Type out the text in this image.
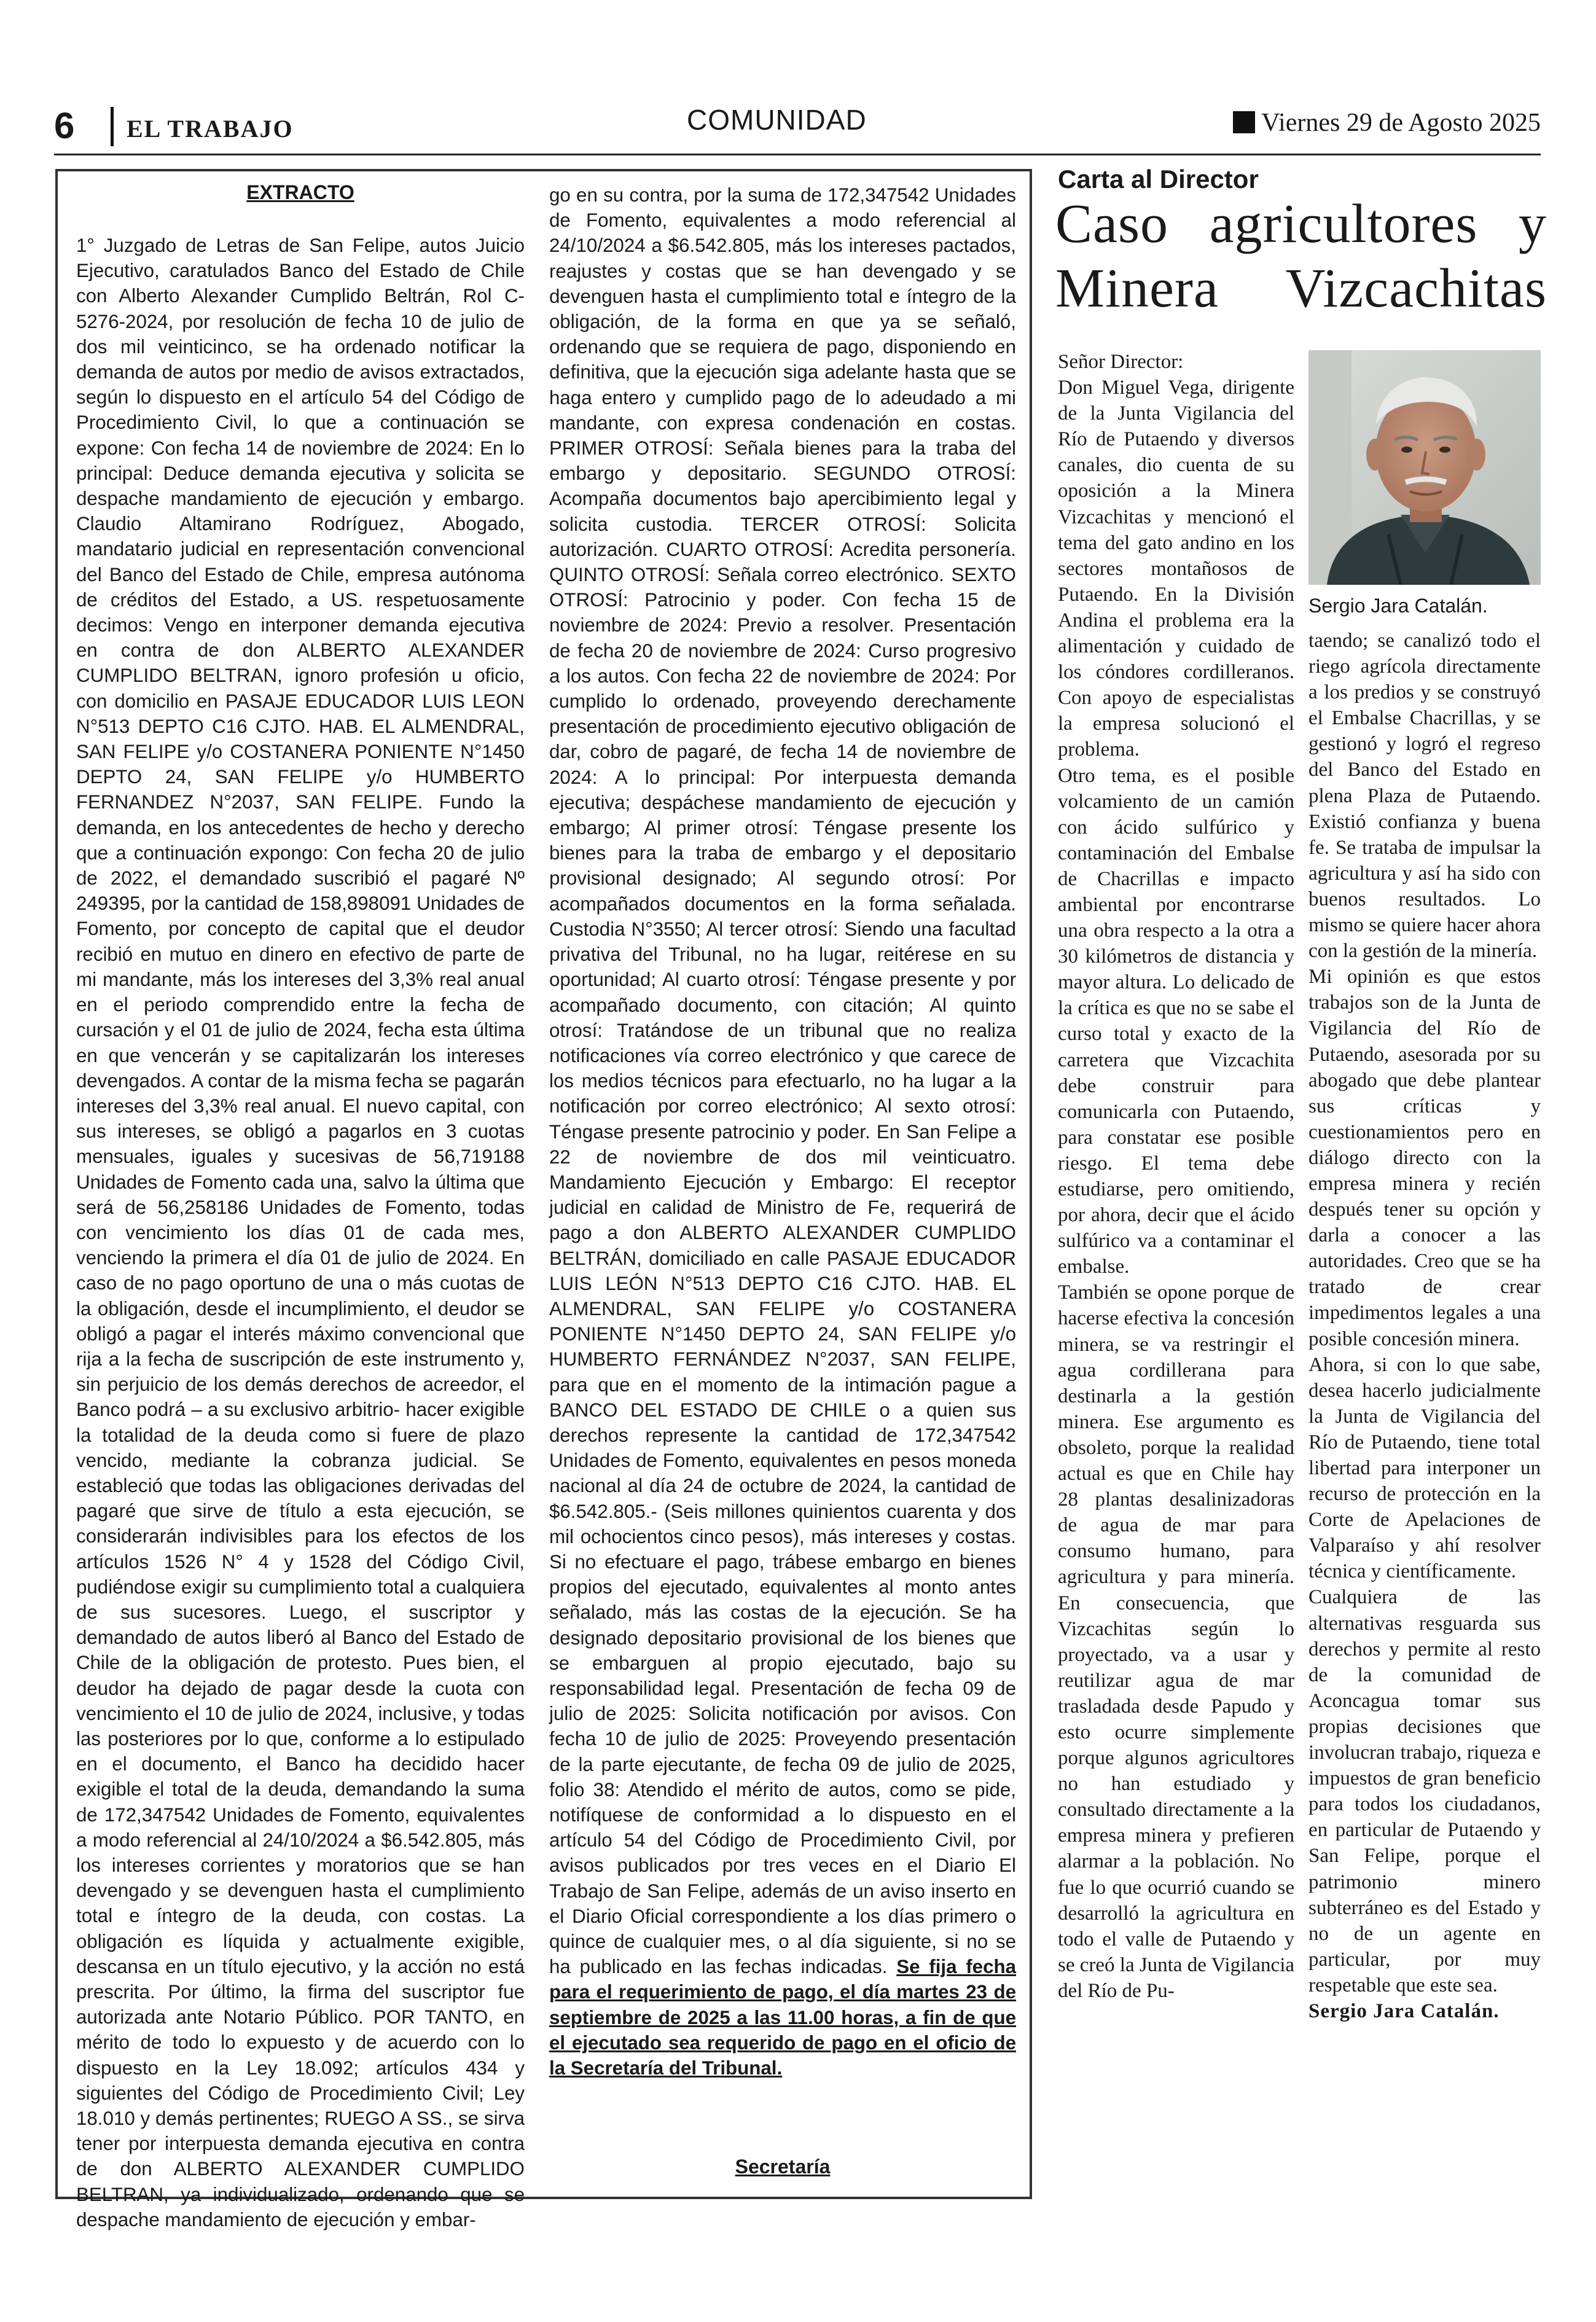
6 EL TRABAJO	COMUNIDAD	Viernes 29 de Agosto 2025
EXTRACTO
1° Juzgado de Letras de San Felipe, autos Juicio Ejecutivo, caratulados Banco del Estado de Chile con Alberto Alexander Cumplido Beltrán, Rol C-5276-2024, por resolución de fecha 10 de julio de dos mil veinticinco, se ha ordenado notificar la demanda de autos por medio de avisos extractados, según lo dispuesto en el artículo 54 del Código de Procedimiento Civil, lo que a continuación se expone: Con fecha 14 de noviembre de 2024: En lo principal: Deduce demanda ejecutiva y solicita se despache mandamiento de ejecución y embargo. Claudio Altamirano Rodríguez, Abogado, mandatario judicial en representación convencional del Banco del Estado de Chile, empresa autónoma de créditos del Estado, a US. respetuosamente decimos: Vengo en interponer demanda ejecutiva en contra de don ALBERTO ALEXANDER CUMPLIDO BELTRAN, ignoro profesión u oficio, con domicilio en PASAJE EDUCADOR LUIS LEON N°513 DEPTO C16 CJTO. HAB. EL ALMENDRAL, SAN FELIPE y/o COSTANERA PONIENTE N°1450 DEPTO 24, SAN FELIPE y/o HUMBERTO FERNANDEZ N°2037, SAN FELIPE. Fundo la demanda, en los antecedentes de hecho y derecho que a continuación expongo: Con fecha 20 de julio de 2022, el demandado suscribió el pagaré Nº 249395, por la cantidad de 158,898091 Unidades de Fomento, por concepto de capital que el deudor recibió en mutuo en dinero en efectivo de parte de mi mandante, más los intereses del 3,3% real anual en el periodo comprendido entre la fecha de cursación y el 01 de julio de 2024, fecha esta última en que vencerán y se capitalizarán los intereses devengados. A contar de la misma fecha se pagarán intereses del 3,3% real anual. El nuevo capital, con sus intereses, se obligó a pagarlos en 3 cuotas mensuales, iguales y sucesivas de 56,719188 Unidades de Fomento cada una, salvo la última que será de 56,258186 Unidades de Fomento, todas con vencimiento los días 01 de cada mes, venciendo la primera el día 01 de julio de 2024. En caso de no pago oportuno de una o más cuotas de la obligación, desde el incumplimiento, el deudor se obligó a pagar el interés máximo convencional que rija a la fecha de suscripción de este instrumento y, sin perjuicio de los demás derechos de acreedor, el Banco podrá – a su exclusivo arbitrio- hacer exigible la totalidad de la deuda como si fuere de plazo vencido, mediante la cobranza judicial. Se estableció que todas las obligaciones derivadas del pagaré que sirve de título a esta ejecución, se considerarán indivisibles para los efectos de los artículos 1526 N° 4 y 1528 del Código Civil, pudiéndose exigir su cumplimiento total a cualquiera de sus sucesores. Luego, el suscriptor y demandado de autos liberó al Banco del Estado de Chile de la obligación de protesto. Pues bien, el deudor ha dejado de pagar desde la cuota con vencimiento el 10 de julio de 2024, inclusive, y todas las posteriores por lo que, conforme a lo estipulado en el documento, el Banco ha decidido hacer exigible el total de la deuda, demandando la suma de 172,347542 Unidades de Fomento, equivalentes a modo referencial al 24/10/2024 a $6.542.805, más los intereses corrientes y moratorios que se han devengado y se devenguen hasta el cumplimiento total e íntegro de la deuda, con costas. La obligación es líquida y actualmente exigible, descansa en un título ejecutivo, y la acción no está prescrita. Por último, la firma del suscriptor fue autorizada ante Notario Público. POR TANTO, en mérito de todo lo expuesto y de acuerdo con lo dispuesto en la Ley 18.092; artículos 434 y siguientes del Código de Procedimiento Civil; Ley 18.010 y demás pertinentes; RUEGO A SS., se sirva tener por interpuesta demanda ejecutiva en contra de don ALBERTO ALEXANDER CUMPLIDO BELTRAN, ya individualizado, ordenando que se despache mandamiento de ejecución y embar-
go en su contra, por la suma de 172,347542 Unidades de Fomento, equivalentes a modo referencial al 24/10/2024 a $6.542.805, más los intereses pactados, reajustes y costas que se han devengado y se devenguen hasta el cumplimiento total e íntegro de la obligación, de la forma en que ya se señaló, ordenando que se requiera de pago, disponiendo en definitiva, que la ejecución siga adelante hasta que se haga entero y cumplido pago de lo adeudado a mi mandante, con expresa condenación en costas. PRIMER OTROSÍ: Señala bienes para la traba del embargo y depositario. SEGUNDO OTROSÍ: Acompaña documentos bajo apercibimiento legal y solicita custodia. TERCER OTROSÍ: Solicita autorización. CUARTO OTROSÍ: Acredita personería. QUINTO OTROSÍ: Señala correo electrónico. SEXTO OTROSÍ: Patrocinio y poder. Con fecha 15 de noviembre de 2024: Previo a resolver. Presentación de fecha 20 de noviembre de 2024: Curso progresivo a los autos. Con fecha 22 de noviembre de 2024: Por cumplido lo ordenado, proveyendo derechamente presentación de procedimiento ejecutivo obligación de dar, cobro de pagaré, de fecha 14 de noviembre de 2024: A lo principal: Por interpuesta demanda ejecutiva; despáchese mandamiento de ejecución y embargo; Al primer otrosí: Téngase presente los bienes para la traba de embargo y el depositario provisional designado; Al segundo otrosí: Por acompañados documentos en la forma señalada. Custodia N°3550; Al tercer otrosí: Siendo una facultad privativa del Tribunal, no ha lugar, reitérese en su oportunidad; Al cuarto otrosí: Téngase presente y por acompañado documento, con citación; Al quinto otrosí: Tratándose de un tribunal que no realiza notificaciones vía correo electrónico y que carece de los medios técnicos para efectuarlo, no ha lugar a la notificación por correo electrónico; Al sexto otrosí: Téngase presente patrocinio y poder. En San Felipe a 22 de noviembre de dos mil veinticuatro. Mandamiento Ejecución y Embargo: El receptor judicial en calidad de Ministro de Fe, requerirá de pago a don ALBERTO ALEXANDER CUMPLIDO BELTRÁN, domiciliado en calle PASAJE EDUCADOR LUIS LEÓN N°513 DEPTO C16 CJTO. HAB. EL ALMENDRAL, SAN FELIPE y/o COSTANERA PONIENTE N°1450 DEPTO 24, SAN FELIPE y/o HUMBERTO FERNÁNDEZ N°2037, SAN FELIPE, para que en el momento de la intimación pague a BANCO DEL ESTADO DE CHILE o a quien sus derechos represente la cantidad de 172,347542 Unidades de Fomento, equivalentes en pesos moneda nacional al día 24 de octubre de 2024, la cantidad de $6.542.805.- (Seis millones quinientos cuarenta y dos mil ochocientos cinco pesos), más intereses y costas. Si no efectuare el pago, trábese embargo en bienes propios del ejecutado, equivalentes al monto antes señalado, más las costas de la ejecución. Se ha designado depositario provisional de los bienes que se embarguen al propio ejecutado, bajo su responsabilidad legal. Presentación de fecha 09 de julio de 2025: Solicita notificación por avisos. Con fecha 10 de julio de 2025: Proveyendo presentación de la parte ejecutante, de fecha 09 de julio de 2025, folio 38: Atendido el mérito de autos, como se pide, notifíquese de conformidad a lo dispuesto en el artículo 54 del Código de Procedimiento Civil, por avisos publicados por tres veces en el Diario El Trabajo de San Felipe, además de un aviso inserto en el Diario Oficial correspondiente a los días primero o quince de cualquier mes, o al día siguiente, si no se ha publicado en las fechas indicadas. Se fija fecha para el requerimiento de pago, el día martes 23 de septiembre de 2025 a las 11.00 horas, a fin de que el ejecutado sea requerido de pago en el oficio de la Secretaría del Tribunal.
Secretaría
Carta al Director
Caso agricultores y Minera Vizcachitas
Señor Director:
Don Miguel Vega, dirigente de la Junta Vigilancia del Río de Putaendo y diversos canales, dio cuenta de su oposición a la Minera Vizcachitas y mencionó el tema del gato andino en los sectores montañosos de Putaendo. En la División Andina el problema era la alimentación y cuidado de los cóndores cordilleranos. Con apoyo de especialistas la empresa solucionó el problema.
Otro tema, es el posible volcamiento de un camión con ácido sulfúrico y contaminación del Embalse de Chacrillas e impacto ambiental por encontrarse una obra respecto a la otra a 30 kilómetros de distancia y mayor altura. Lo delicado de la crítica es que no se sabe el curso total y exacto de la carretera que Vizcachita debe construir para comunicarla con Putaendo, para constatar ese posible riesgo. El tema debe estudiarse, pero omitiendo, por ahora, decir que el ácido sulfúrico va a contaminar el embalse.
También se opone porque de hacerse efectiva la concesión minera, se va restringir el agua cordillerana para destinarla a la gestión minera. Ese argumento es obsoleto, porque la realidad actual es que en Chile hay 28 plantas desalinizadoras de agua de mar para consumo humano, para agricultura y para minería. En consecuencia, que Vizcachitas según lo proyectado, va a usar y reutilizar agua de mar trasladada desde Papudo y esto ocurre simplemente porque algunos agricultores no han estudiado y consultado directamente a la empresa minera y prefieren alarmar a la población. No fue lo que ocurrió cuando se desarrolló la agricultura en todo el valle de Putaendo y se creó la Junta de Vigilancia del Río de Pu-
Sergio Jara Catalán.
taendo; se canalizó todo el riego agrícola directamente a los predios y se construyó el Embalse Chacrillas, y se gestionó y logró el regreso del Banco del Estado en plena Plaza de Putaendo. Existió confianza y buena fe. Se trataba de impulsar la agricultura y así ha sido con buenos resultados. Lo mismo se quiere hacer ahora con la gestión de la minería.
Mi opinión es que estos trabajos son de la Junta de Vigilancia del Río de Putaendo, asesorada por su abogado que debe plantear sus críticas y cuestionamientos pero en diálogo directo con la empresa minera y recién después tener su opción y darla a conocer a las autoridades. Creo que se ha tratado de crear impedimentos legales a una posible concesión minera.
Ahora, si con lo que sabe, desea hacerlo judicialmente la Junta de Vigilancia del Río de Putaendo, tiene total libertad para interponer un recurso de protección en la Corte de Apelaciones de Valparaíso y ahí resolver técnica y científicamente.
Cualquiera de las alternativas resguarda sus derechos y permite al resto de la comunidad de Aconcagua tomar sus propias decisiones que involucran trabajo, riqueza e impuestos de gran beneficio para todos los ciudadanos, en particular de Putaendo y San Felipe, porque el patrimonio minero subterráneo es del Estado y no de un agente en particular, por muy respetable que este sea.
Sergio Jara Catalán.
